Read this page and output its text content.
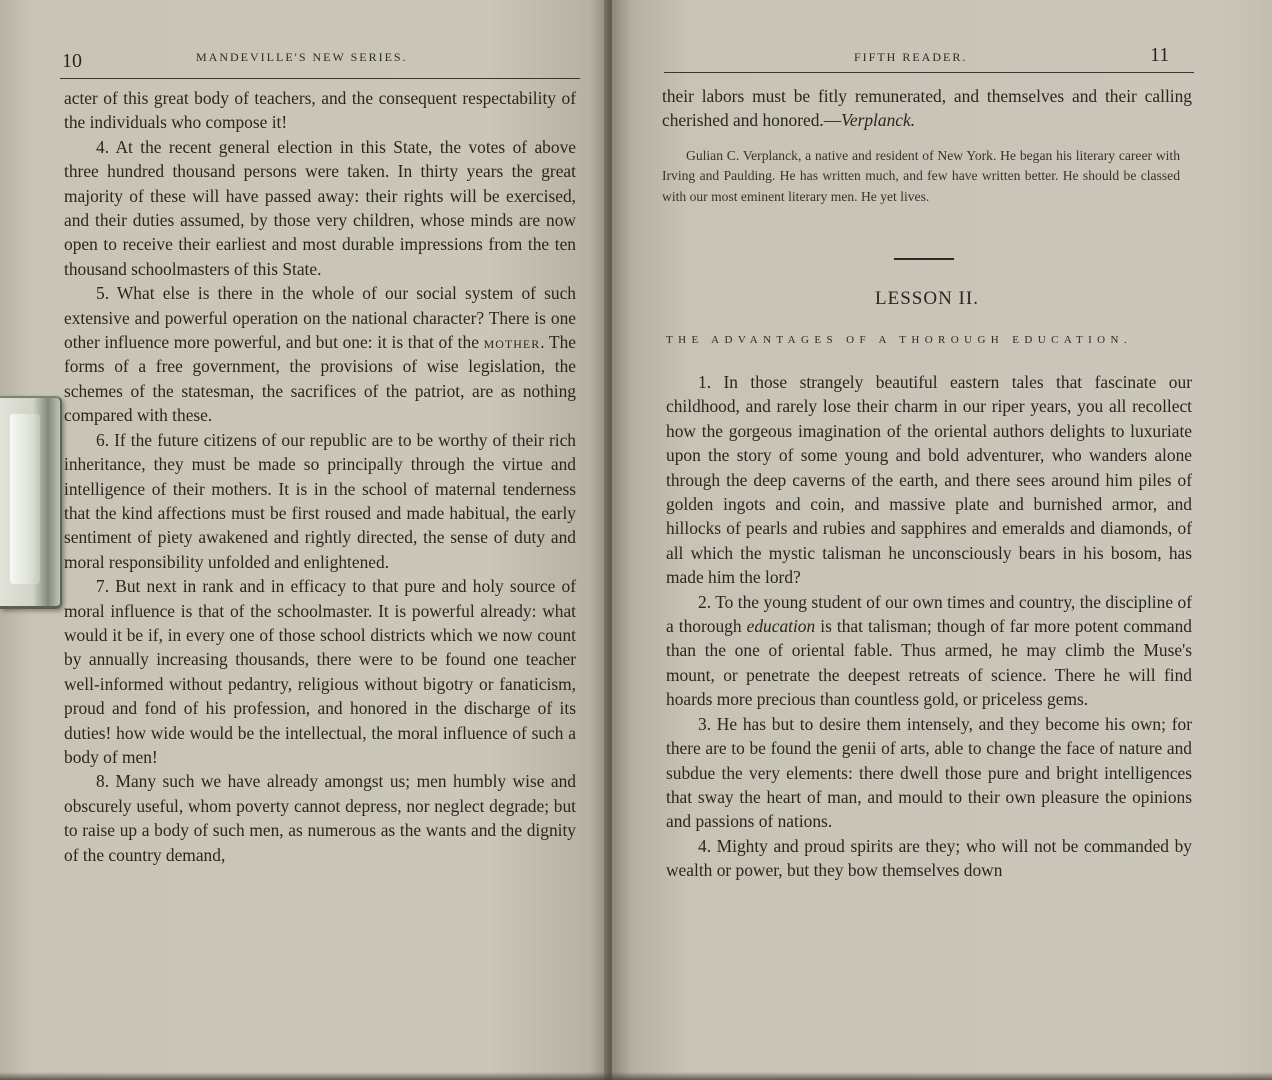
10	MANDEVILLE'S NEW SERIES.

acter of this great body of teachers, and the consequent respectability of the individuals who compose it!

4. At the recent general election in this State, the votes of above three hundred thousand persons were taken. In thirty years the great majority of these will have passed away: their rights will be exercised, and their duties assumed, by those very children, whose minds are now open to receive their earliest and most durable impressions from the ten thousand schoolmasters of this State.

5. What else is there in the whole of our social system of such extensive and powerful operation on the national character? There is one other influence more powerful, and but one: it is that of the mother. The forms of a free government, the provisions of wise legislation, the schemes of the statesman, the sacrifices of the patriot, are as nothing compared with these.

6. If the future citizens of our republic are to be worthy of their rich inheritance, they must be made so principally through the virtue and intelligence of their mothers. It is in the school of maternal tenderness that the kind affections must be first roused and made habitual, the early sentiment of piety awakened and rightly directed, the sense of duty and moral responsibility unfolded and enlightened.

7. But next in rank and in efficacy to that pure and holy source of moral influence is that of the schoolmaster. It is powerful already: what would it be if, in every one of those school districts which we now count by annually increasing thousands, there were to be found one teacher well-informed without pedantry, religious without bigotry or fanaticism, proud and fond of his profession, and honored in the discharge of its duties! how wide would be the intellectual, the moral influence of such a body of men!

8. Many such we have already amongst us; men humbly wise and obscurely useful, whom poverty cannot depress, nor neglect degrade; but to raise up a body of such men, as numerous as the wants and the dignity of the country demand,

FIFTH READER.	11

their labors must be fitly remunerated, and themselves and their calling cherished and honored.—Verplanck.

Gulian C. Verplanck, a native and resident of New York. He began his literary career with Irving and Paulding. He has written much, and few have written better. He should be classed with our most eminent literary men. He yet lives.
LESSON II.
THE ADVANTAGES OF A THOROUGH EDUCATION.

1. In those strangely beautiful eastern tales that fascinate our childhood, and rarely lose their charm in our riper years, you all recollect how the gorgeous imagination of the oriental authors delights to luxuriate upon the story of some young and bold adventurer, who wanders alone through the deep caverns of the earth, and there sees around him piles of golden ingots and coin, and massive plate and burnished armor, and hillocks of pearls and rubies and sapphires and emeralds and diamonds, of all which the mystic talisman he unconsciously bears in his bosom, has made him the lord?

2. To the young student of our own times and country, the discipline of a thorough education is that talisman; though of far more potent command than the one of oriental fable. Thus armed, he may climb the Muse's mount, or penetrate the deepest retreats of science. There he will find hoards more precious than countless gold, or priceless gems.

3. He has but to desire them intensely, and they become his own; for there are to be found the genii of arts, able to change the face of nature and subdue the very elements: there dwell those pure and bright intelligences that sway the heart of man, and mould to their own pleasure the opinions and passions of nations.

4. Mighty and proud spirits are they; who will not be commanded by wealth or power, but they bow themselves down
